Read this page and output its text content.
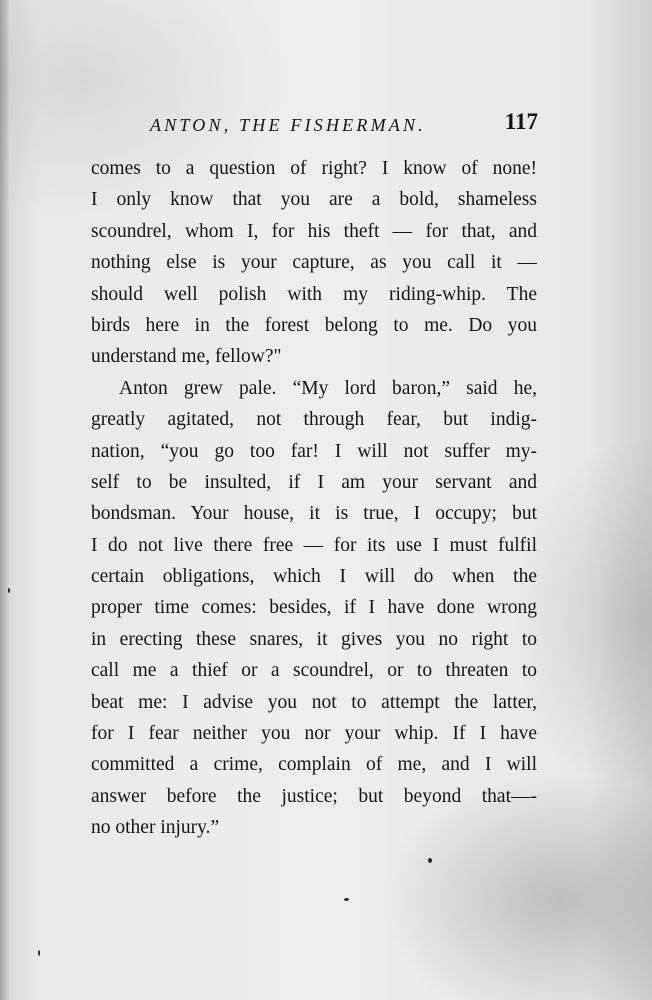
ANTON, THE FISHERMAN.	117
comes to a question of right? I know of none!
I only know that you are a bold, shameless
scoundrel, whom I, for his theft — for that, and
nothing else is your capture, as you call it —
should well polish with my riding-whip. The
birds here in the forest belong to me. Do you
understand me, fellow?"
Anton grew pale. “My lord baron,” said he,
greatly agitated, not through fear, but indig-
nation, “you go too far! I will not suffer my-
self to be insulted, if I am your servant and
bondsman. Your house, it is true, I occupy; but
I do not live there free — for its use I must fulfil
certain obligations, which I will do when the
proper time comes: besides, if I have done wrong
in erecting these snares, it gives you no right to
call me a thief or a scoundrel, or to threaten to
beat me: I advise you not to attempt the latter,
for I fear neither you nor your whip. If I have
committed a crime, complain of me, and I will
answer before the justice; but beyond that—-
no other injury.”
